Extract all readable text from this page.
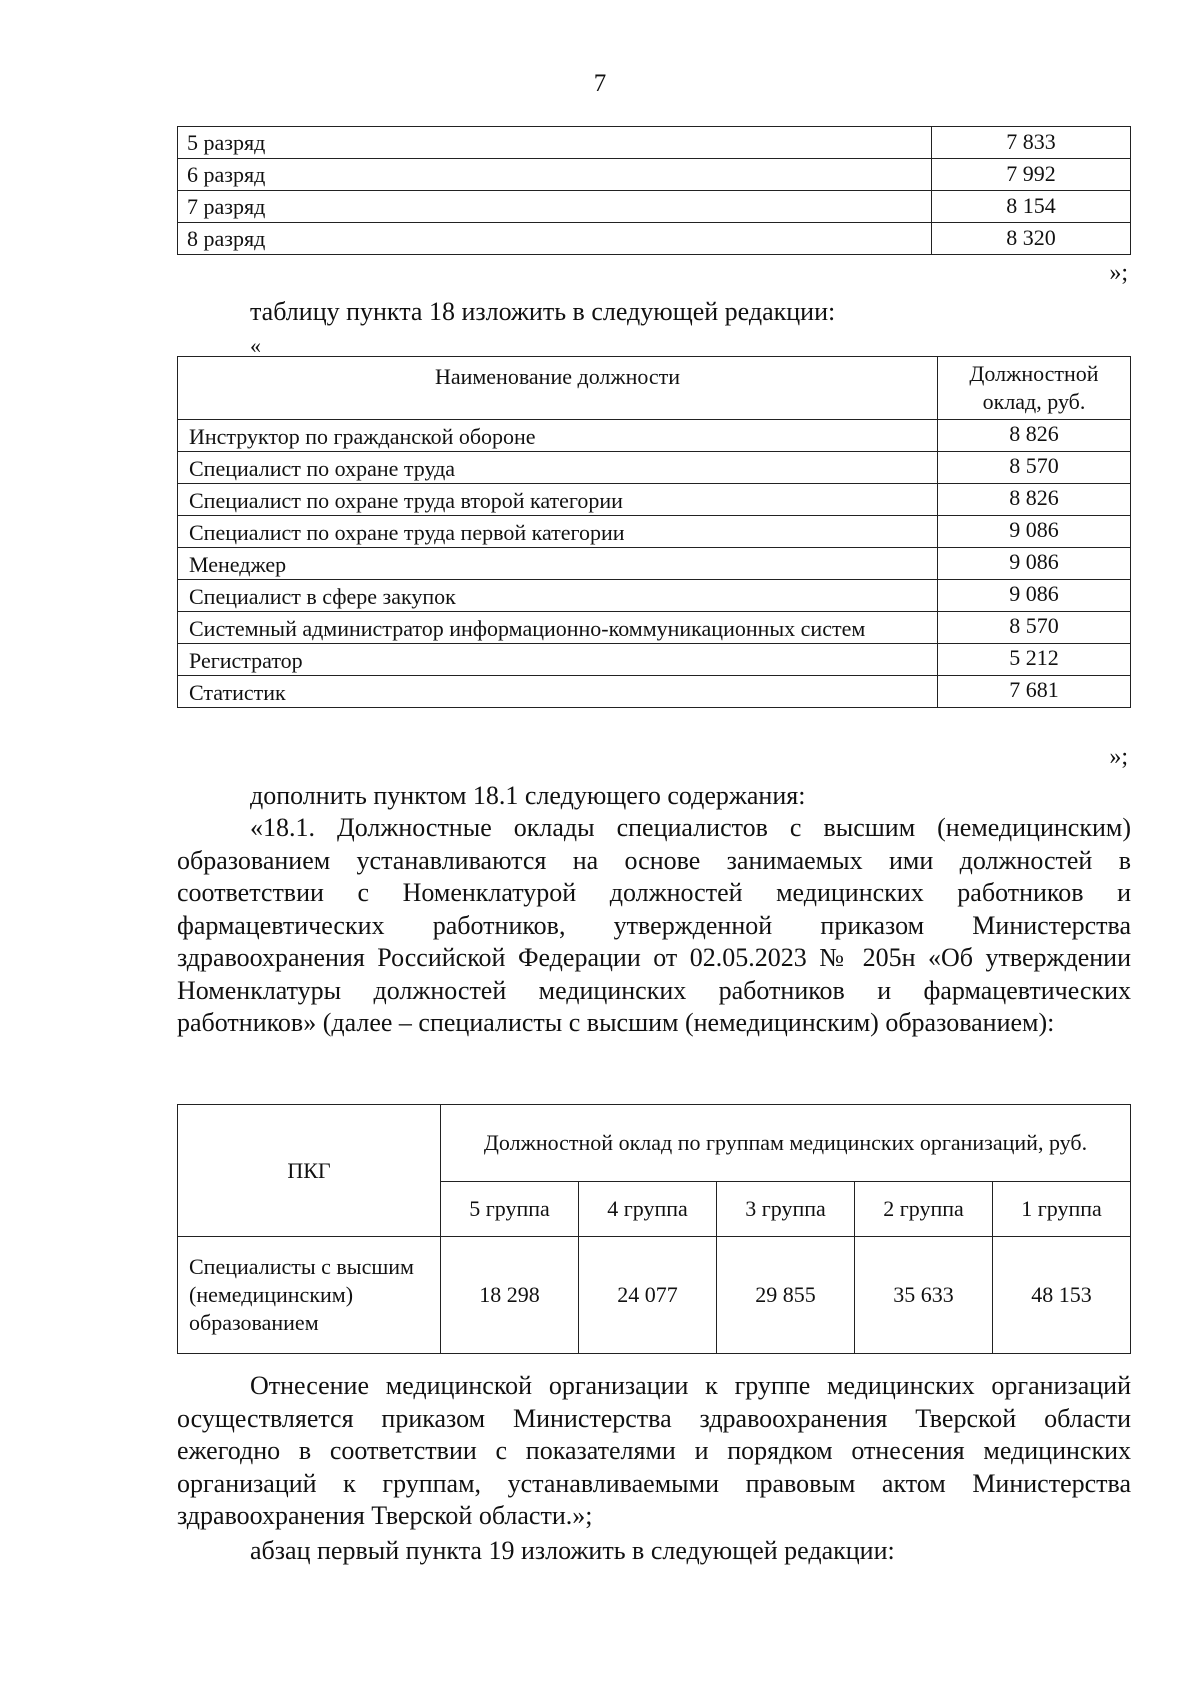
7
5 разряд	7 833
6 разряд	7 992
7 разряд	8 154
8 разряд	8 320
»;
таблицу пункта 18 изложить в следующей редакции:
«
Наименование должности	Должностной оклад, руб.
Инструктор по гражданской обороне	8 826
Специалист по охране труда	8 570
Специалист по охране труда второй категории	8 826
Специалист по охране труда первой категории	9 086
Менеджер	9 086
Специалист в сфере закупок	9 086
Системный администратор информационно-коммуникационных систем	8 570
Регистратор	5 212
Статистик	7 681
»;
дополнить пунктом 18.1 следующего содержания:
«18.1. Должностные оклады специалистов с высшим (немедицинским) образованием устанавливаются на основе занимаемых ими должностей в соответствии с Номенклатурой должностей медицинских работников и фармацевтических работников, утвержденной приказом Министерства здравоохранения Российской Федерации от 02.05.2023 № 205н «Об утверждении Номенклатуры должностей медицинских работников и фармацевтических работников» (далее – специалисты с высшим (немедицинским) образованием):
ПКГ	Должностной оклад по группам медицинских организаций, руб.				
	5 группа	4 группа	3 группа	2 группа	1 группа
Специалисты с высшим (немедицинским) образованием	18 298	24 077	29 855	35 633	48 153
Отнесение медицинской организации к группе медицинских организаций осуществляется приказом Министерства здравоохранения Тверской области ежегодно в соответствии с показателями и порядком отнесения медицинских организаций к группам, устанавливаемыми правовым актом Министерства здравоохранения Тверской области.»;
абзац первый пункта 19 изложить в следующей редакции:
